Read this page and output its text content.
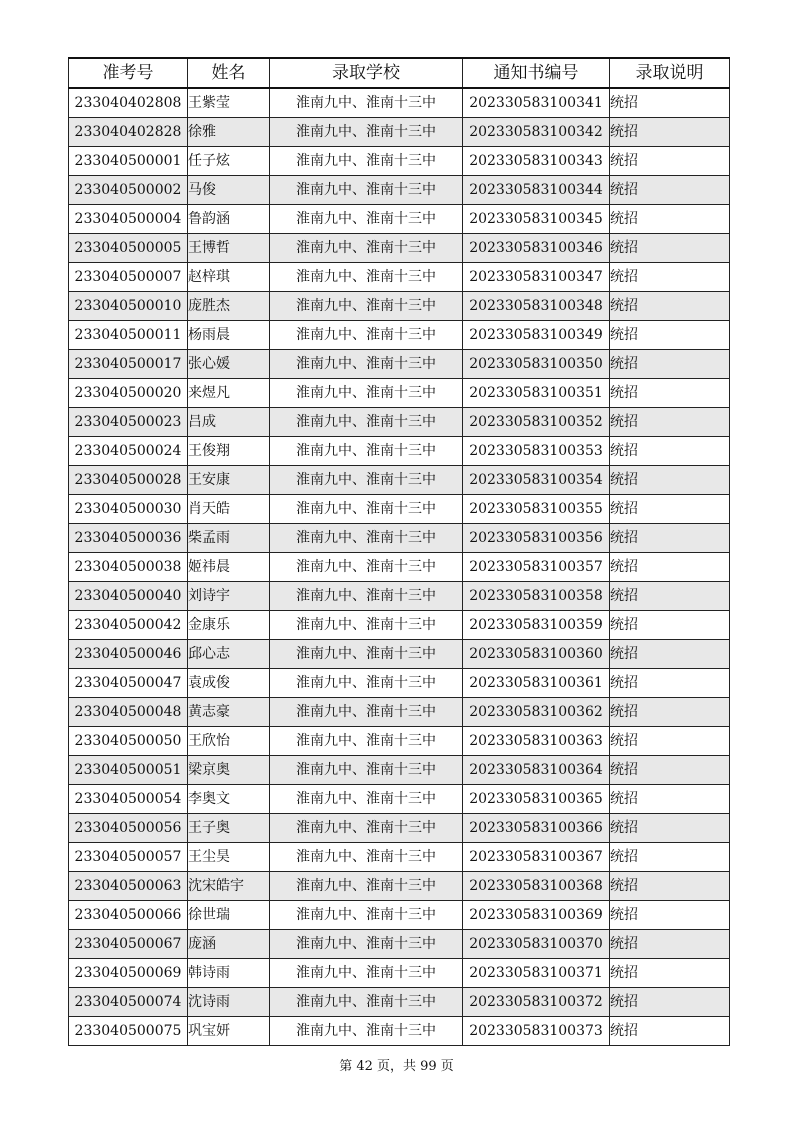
准考号	姓名	录取学校	通知书编号	录取说明
233040402808	王紫莹	淮南九中、淮南十三中	202330583100341	统招
233040402828	徐雅	淮南九中、淮南十三中	202330583100342	统招
233040500001	任子炫	淮南九中、淮南十三中	202330583100343	统招
233040500002	马俊	淮南九中、淮南十三中	202330583100344	统招
233040500004	鲁韵涵	淮南九中、淮南十三中	202330583100345	统招
233040500005	王博哲	淮南九中、淮南十三中	202330583100346	统招
233040500007	赵梓琪	淮南九中、淮南十三中	202330583100347	统招
233040500010	庞胜杰	淮南九中、淮南十三中	202330583100348	统招
233040500011	杨雨晨	淮南九中、淮南十三中	202330583100349	统招
233040500017	张心媛	淮南九中、淮南十三中	202330583100350	统招
233040500020	来煜凡	淮南九中、淮南十三中	202330583100351	统招
233040500023	吕成	淮南九中、淮南十三中	202330583100352	统招
233040500024	王俊翔	淮南九中、淮南十三中	202330583100353	统招
233040500028	王安康	淮南九中、淮南十三中	202330583100354	统招
233040500030	肖天皓	淮南九中、淮南十三中	202330583100355	统招
233040500036	柴孟雨	淮南九中、淮南十三中	202330583100356	统招
233040500038	姬祎晨	淮南九中、淮南十三中	202330583100357	统招
233040500040	刘诗宇	淮南九中、淮南十三中	202330583100358	统招
233040500042	金康乐	淮南九中、淮南十三中	202330583100359	统招
233040500046	邱心志	淮南九中、淮南十三中	202330583100360	统招
233040500047	袁成俊	淮南九中、淮南十三中	202330583100361	统招
233040500048	黄志豪	淮南九中、淮南十三中	202330583100362	统招
233040500050	王欣怡	淮南九中、淮南十三中	202330583100363	统招
233040500051	梁京奥	淮南九中、淮南十三中	202330583100364	统招
233040500054	李奥文	淮南九中、淮南十三中	202330583100365	统招
233040500056	王子奥	淮南九中、淮南十三中	202330583100366	统招
233040500057	王尘昊	淮南九中、淮南十三中	202330583100367	统招
233040500063	沈宋皓宇	淮南九中、淮南十三中	202330583100368	统招
233040500066	徐世瑞	淮南九中、淮南十三中	202330583100369	统招
233040500067	庞涵	淮南九中、淮南十三中	202330583100370	统招
233040500069	韩诗雨	淮南九中、淮南十三中	202330583100371	统招
233040500074	沈诗雨	淮南九中、淮南十三中	202330583100372	统招
233040500075	巩宝妍	淮南九中、淮南十三中	202330583100373	统招
第 42 页，共 99 页
